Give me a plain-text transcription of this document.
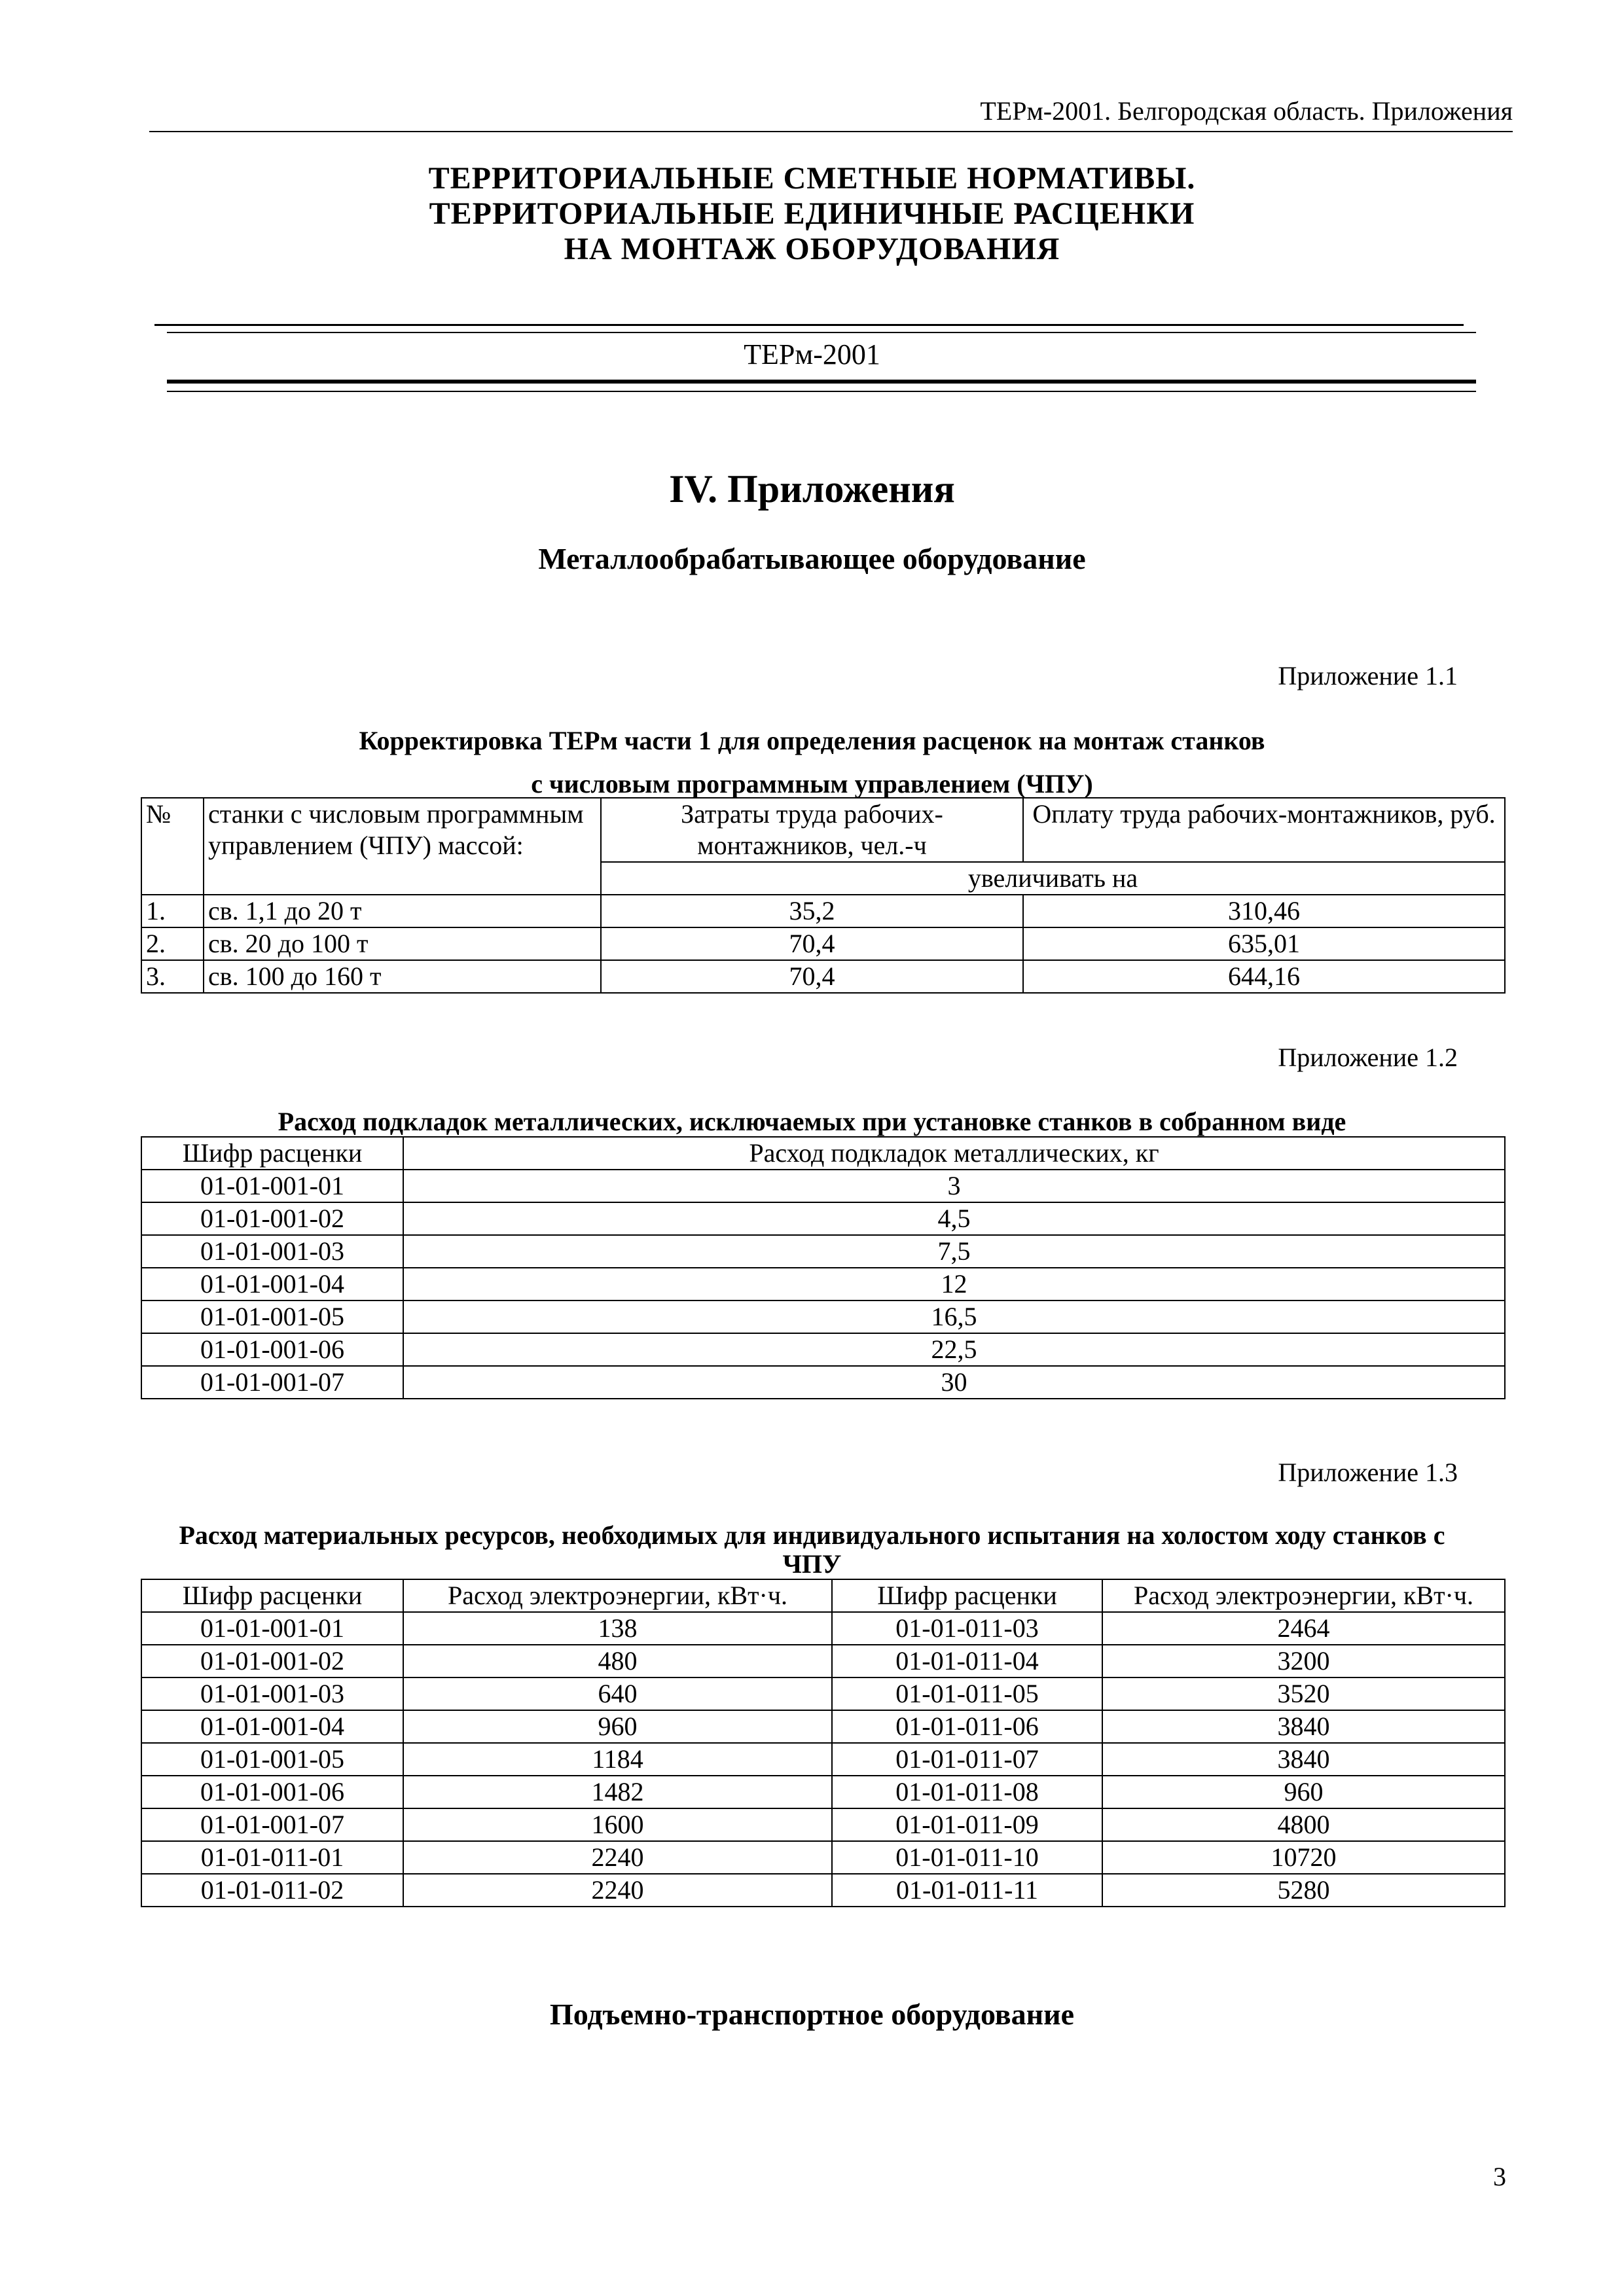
ТЕРм-2001. Белгородская область. Приложения
ТЕРРИТОРИАЛЬНЫЕ СМЕТНЫЕ НОРМАТИВЫ.
ТЕРРИТОРИАЛЬНЫЕ ЕДИНИЧНЫЕ РАСЦЕНКИ
НА МОНТАЖ ОБОРУДОВАНИЯ
ТЕРм-2001
IV. Приложения
Металлообрабатывающее оборудование
Приложение 1.1
Корректировка ТЕРм части 1 для определения расценок на монтаж станков
с числовым программным управлением (ЧПУ)
№	станки с числовым программным управлением (ЧПУ) массой:	Затраты труда рабочих-монтажников, чел.-ч	Оплату труда рабочих-монтажников, руб.
		увеличивать на	
1.	св. 1,1 до 20 т	35,2	310,46
2.	св. 20 до 100 т	70,4	635,01
3.	св. 100 до 160 т	70,4	644,16
Приложение 1.2
Расход подкладок металлических, исключаемых при установке станков в собранном виде
Шифр расценки	Расход подкладок металлических, кг
01-01-001-01	3
01-01-001-02	4,5
01-01-001-03	7,5
01-01-001-04	12
01-01-001-05	16,5
01-01-001-06	22,5
01-01-001-07	30
Приложение 1.3
Расход материальных ресурсов, необходимых для индивидуального испытания на холостом ходу станков с
ЧПУ
Шифр расценки	Расход электроэнергии, кВт·ч.	Шифр расценки	Расход электроэнергии, кВт·ч.
01-01-001-01	138	01-01-011-03	2464
01-01-001-02	480	01-01-011-04	3200
01-01-001-03	640	01-01-011-05	3520
01-01-001-04	960	01-01-011-06	3840
01-01-001-05	1184	01-01-011-07	3840
01-01-001-06	1482	01-01-011-08	960
01-01-001-07	1600	01-01-011-09	4800
01-01-011-01	2240	01-01-011-10	10720
01-01-011-02	2240	01-01-011-11	5280
Подъемно-транспортное оборудование
3
